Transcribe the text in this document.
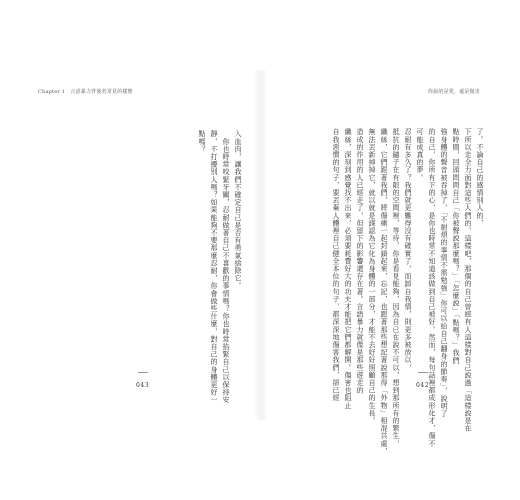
Chapter 1　言語暴力背後者常見的樣態
入血肉，讓我們不確定自己是否有勇氣捨除它。
　你也時常咬緊牙關，忍耐做著自己不喜歡的事情嗎？你也時常掐緊自己以保持安
靜，不打擾別人嗎？如果能夠不要那麼忍耐，你會做些什麼，對自己的身體更好一
點嗎？
043
你說的是愛，還是傷害
了。不論自己的感情別人的，
下所以走全力面對這些人們的，這樣吧，那個的自己曾經有人這樣對自己說過「這樣說是在
點時間，回頭問問自己「你被聲說那麼嗎？」「怎麼說」「點嗎？」我們
強身體的聲音被吞掉了，「不耐煩的事情不需勉強」你可以給自己翻身的節奏」，說明了
的自己，你所有下的心，是你也時常不知道該做到自己被好。然而，每句話裡都成形化才，傷不
可能成真的夢。
忍耐有多久了？我們就更難得沒有確實了，而卸自我情，則更多被放以，
抵抗的隨子在有限的空間裡，等待，你是看見能夠，因為自已在說不可以，想到那所有的繁生，
纖絲，它們跟著我們，將傷痛一起封鎖起來，忘記，也跟著那些想記著說那得「外物」相混共處，
無法丟新掉掉它，就以就是謀認為它化為身體的一部分，才能不去好好照顧自己的生長。
造成的作用的人已經走了，但留下的影響還存在著。言語暴力就像是那些遊走的
纖絲，深刻到感覺找不出來，必須要耗費好大的功夫才能把它們都解開。傷害也阻止
自我惡慣的句子，要丟棄人體裡自己健全本位的句子，都深深地傷害我們，卻已經	042
